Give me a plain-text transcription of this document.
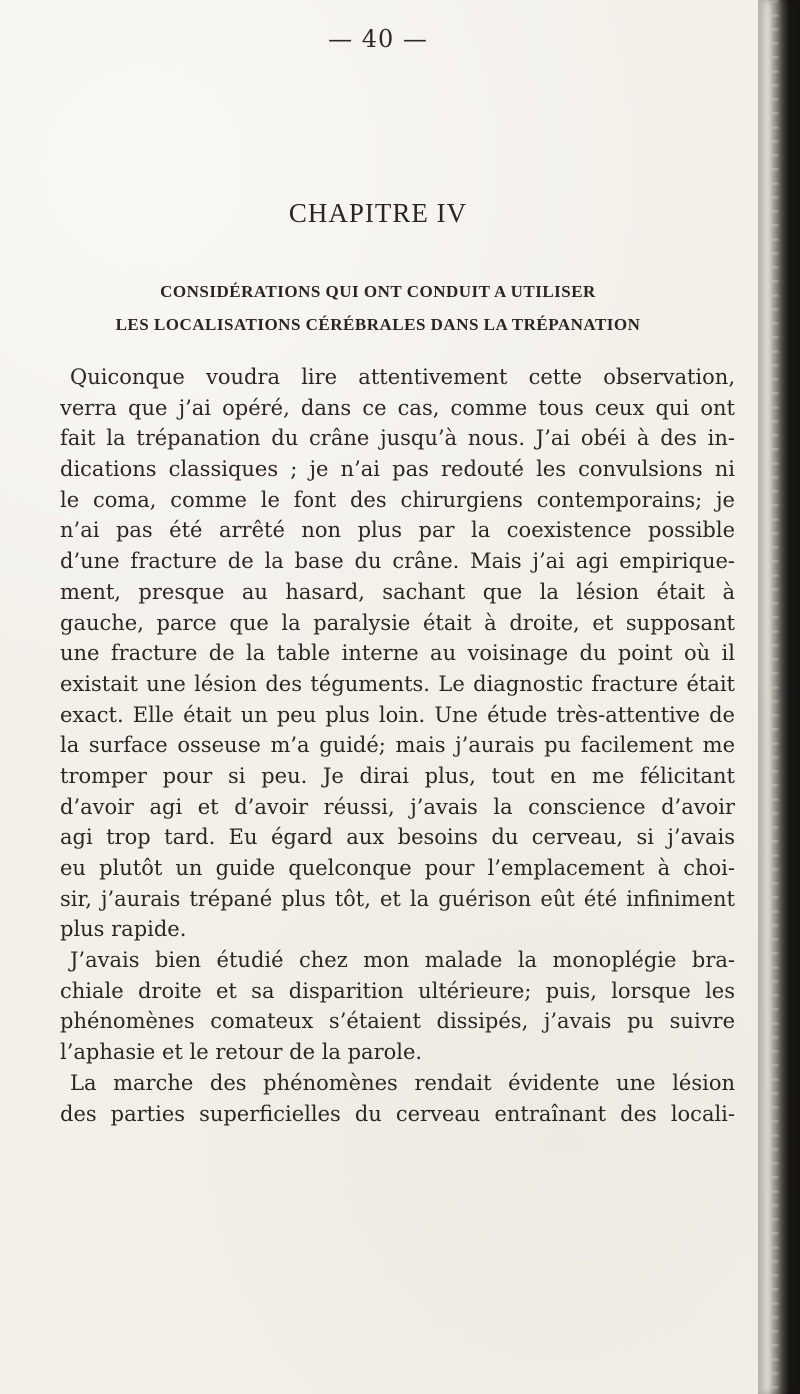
— 40 —
CHAPITRE IV
CONSIDÉRATIONS QUI ONT CONDUIT A UTILISER
LES LOCALISATIONS CÉRÉBRALES DANS LA TRÉPANATION
Quiconque voudra lire attentivement cette observation,
verra que j’ai opéré, dans ce cas, comme tous ceux qui ont
fait la trépanation du crâne jusqu’à nous. J’ai obéi à des in-
dications classiques ; je n’ai pas redouté les convulsions ni
le coma, comme le font des chirurgiens contemporains; je
n’ai pas été arrêté non plus par la coexistence possible
d’une fracture de la base du crâne. Mais j’ai agi empirique-
ment, presque au hasard, sachant que la lésion était à
gauche, parce que la paralysie était à droite, et supposant
une fracture de la table interne au voisinage du point où il
existait une lésion des téguments. Le diagnostic fracture était
exact. Elle était un peu plus loin. Une étude très-attentive de
la surface osseuse m’a guidé; mais j’aurais pu facilement me
tromper pour si peu. Je dirai plus, tout en me félicitant
d’avoir agi et d’avoir réussi, j’avais la conscience d’avoir
agi trop tard. Eu égard aux besoins du cerveau, si j’avais
eu plutôt un guide quelconque pour l’emplacement à choi-
sir, j’aurais trépané plus tôt, et la guérison eût été infiniment
plus rapide.
J’avais bien étudié chez mon malade la monoplégie bra-
chiale droite et sa disparition ultérieure; puis, lorsque les
phénomènes comateux s’étaient dissipés, j’avais pu suivre
l’aphasie et le retour de la parole.
La marche des phénomènes rendait évidente une lésion
des parties superficielles du cerveau entraînant des locali-
